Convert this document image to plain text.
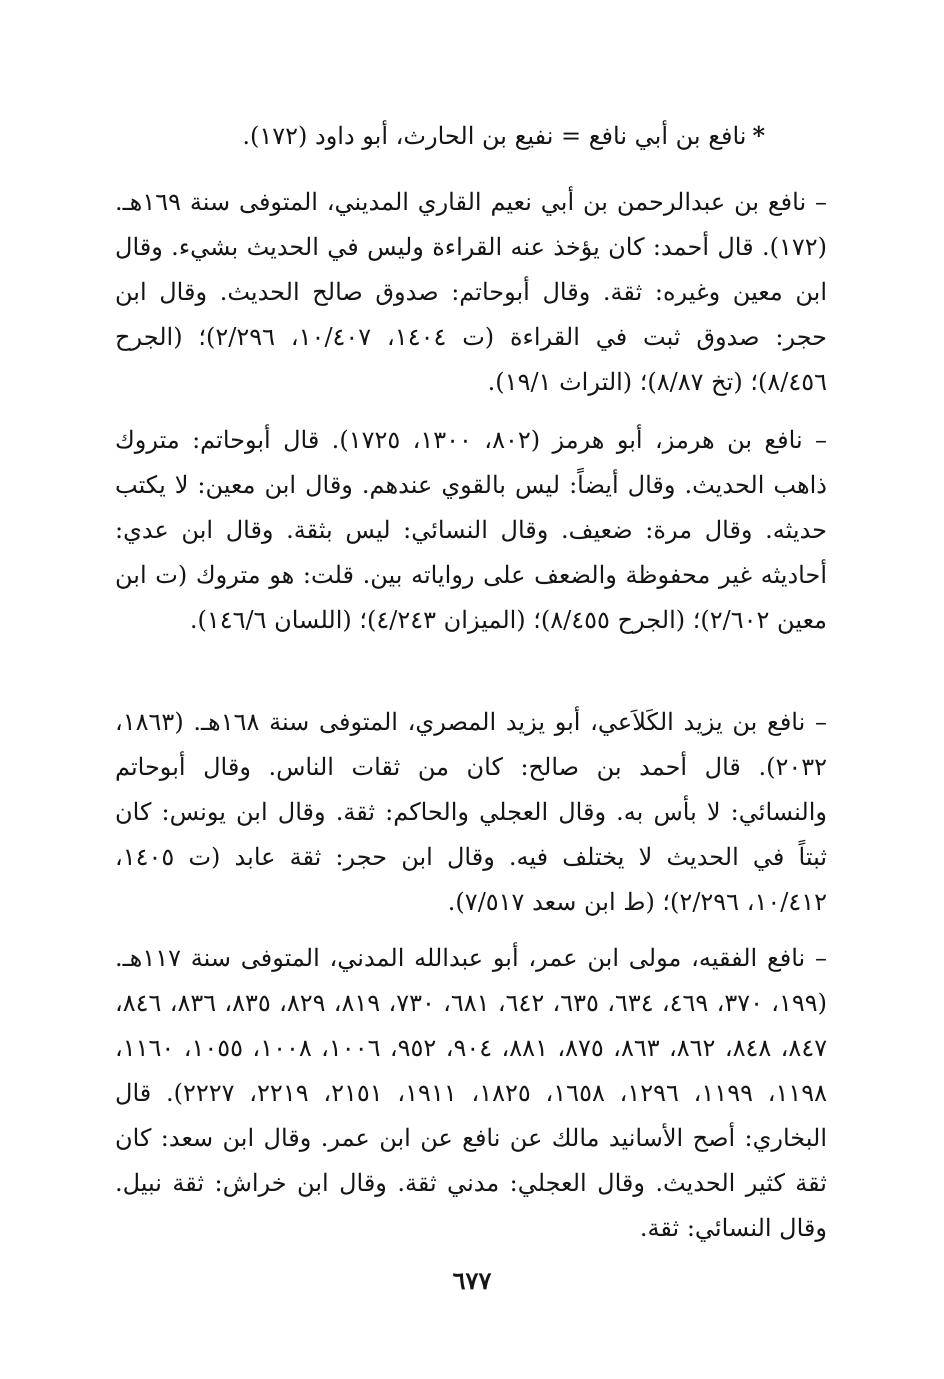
*نافع بن أبي نافع = نفيع بن الحارث، أبو داود (١٧٢).

– نافع بن عبدالرحمن بن أبي نعيم القاري المديني، المتوفى سنة ١٦٩هـ. (١٧٢). قال أحمد: كان يؤخذ عنه القراءة وليس في الحديث بشيء. وقال ابن معين وغيره: ثقة. وقال أبوحاتم: صدوق صالح الحديث. وقال ابن حجر: صدوق ثبت في القراءة (ت ١٤٠٤، ١٠/٤٠٧، ٢/٢٩٦)؛ (الجرح ٨/٤٥٦)؛ (تخ ٨/٨٧)؛ (التراث ١٩/١).

– نافع بن هرمز، أبو هرمز (٨٠٢، ١٣٠٠، ١٧٢٥). قال أبوحاتم: متروك ذاهب الحديث. وقال أيضاً: ليس بالقوي عندهم. وقال ابن معين: لا يكتب حديثه. وقال مرة: ضعيف. وقال النسائي: ليس بثقة. وقال ابن عدي: أحاديثه غير محفوظة والضعف على رواياته بين. قلت: هو متروك (ت ابن معين ٢/٦٠٢)؛ (الجرح ٨/٤٥٥)؛ (الميزان ٤/٢٤٣)؛ (اللسان ١٤٦/٦).

– نافع بن يزيد الكَلاَعي، أبو يزيد المصري، المتوفى سنة ١٦٨هـ. (١٨٦٣، ٢٠٣٢). قال أحمد بن صالح: كان من ثقات الناس. وقال أبوحاتم والنسائي: لا بأس به. وقال العجلي والحاكم: ثقة. وقال ابن يونس: كان ثبتاً في الحديث لا يختلف فيه. وقال ابن حجر: ثقة عابد (ت ١٤٠٥، ١٠/٤١٢، ٢/٢٩٦)؛ (ط ابن سعد ٧/٥١٧).

– نافع الفقيه، مولى ابن عمر، أبو عبدالله المدني، المتوفى سنة ١١٧هـ. (١٩٩، ٣٧٠، ٤٦٩، ٦٣٤، ٦٣٥، ٦٤٢، ٦٨١، ٧٣٠، ٨١٩، ٨٢٩، ٨٣٥، ٨٣٦، ٨٤٦، ٨٤٧، ٨٤٨، ٨٦٢، ٨٦٣، ٨٧٥، ٨٨١، ٩٠٤، ٩٥٢، ١٠٠٦، ١٠٠٨، ١٠٥٥، ١١٦٠، ١١٩٨، ١١٩٩، ١٢٩٦، ١٦٥٨، ١٨٢٥، ١٩١١، ٢١٥١، ٢٢١٩، ٢٢٢٧). قال البخاري: أصح الأسانيد مالك عن نافع عن ابن عمر. وقال ابن سعد: كان ثقة كثير الحديث. وقال العجلي: مدني ثقة. وقال ابن خراش: ثقة نبيل. وقال النسائي: ثقة.

٦٧٧
